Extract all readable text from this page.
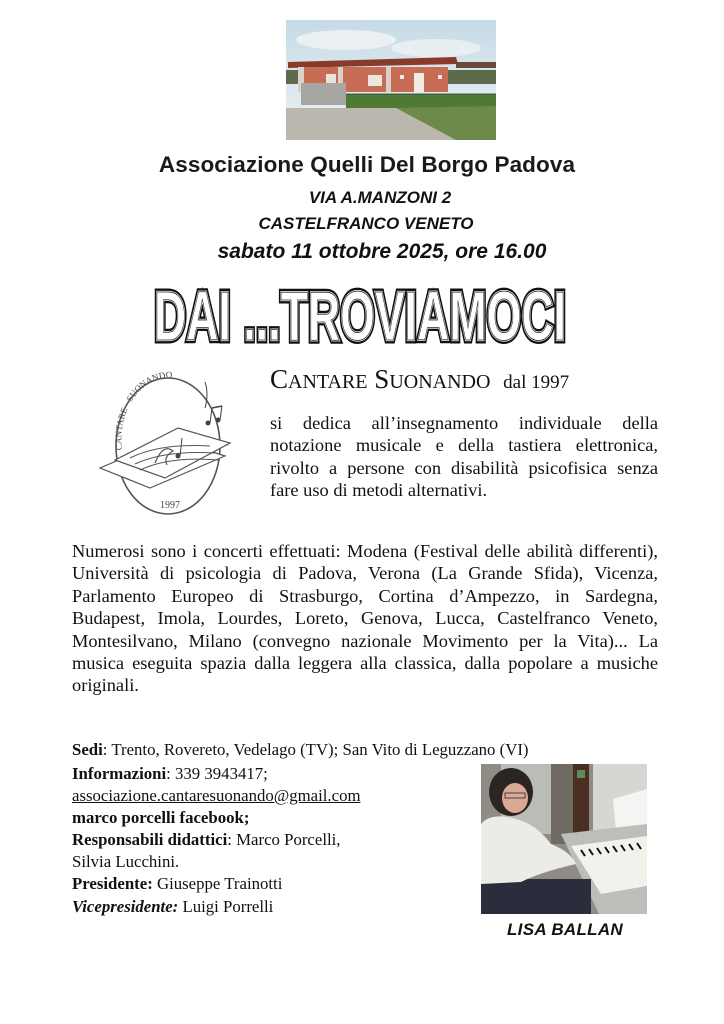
Associazione Quelli Del Borgo Padova
VIA A.MANZONI 2
CASTELFRANCO VENETO
sabato 11 ottobre 2025, ore 16.00
DAI ...TROVIAMOCI
DAI ...TROVIAMOCI
DAI ...TROVIAMOCI
CANTARE · SUONANDO
1997
CANTARE SUONANDO dal 1997
si dedica all’insegnamento individuale della notazione musicale e della tastiera elettronica, rivolto a persone con disabilità psicofisica senza fare uso di metodi alternativi.
Numerosi sono i concerti effettuati: Modena (Festival delle abilità differenti), Università di psicologia di Padova, Verona (La Grande Sfida), Vicenza, Parlamento Europeo di Strasburgo, Cortina d’Ampezzo, in Sardegna, Budapest, Imola, Lourdes, Loreto, Genova, Lucca, Castelfranco Veneto, Montesilvano, Milano (convegno nazionale Movimento per la Vita)... La musica eseguita spazia dalla leggera alla classica, dalla popolare a musiche originali.
Sedi: Trento, Rovereto, Vedelago (TV); San Vito di Leguzzano (VI)
Informazioni: 339 3943417;
associazione.cantaresuonando@gmail.com
marco porcelli facebook;
Responsabili didattici: Marco Porcelli,
Silvia Lucchini.
Presidente: Giuseppe Trainotti
Vicepresidente: Luigi Porrelli
LISA BALLAN
